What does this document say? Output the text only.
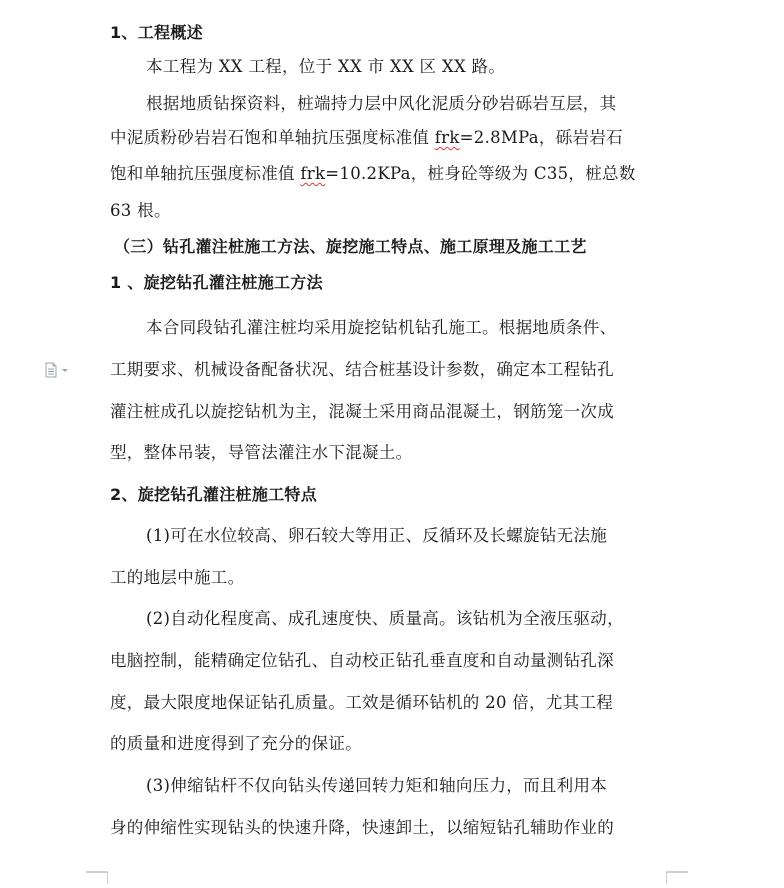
1、工程概述
本工程为 XX 工程，位于 XX 市 XX 区 XX 路。
根据地质钻探资料，桩端持力层中风化泥质分砂岩砾岩互层，其
中泥质粉砂岩岩石饱和单轴抗压强度标准值 frk=2.8MPa，砾岩岩石
饱和单轴抗压强度标准值 frk=10.2KPa，桩身砼等级为 C35，桩总数
63 根。
（三）钻孔灌注桩施工方法、旋挖施工特点、施工原理及施工工艺
1 、旋挖钻孔灌注桩施工方法
本合同段钻孔灌注桩均采用旋挖钻机钻孔施工。根据地质条件、
工期要求、机械设备配备状况、结合桩基设计参数，确定本工程钻孔
灌注桩成孔以旋挖钻机为主，混凝土采用商品混凝土，钢筋笼一次成
型，整体吊装，导管法灌注水下混凝土。
2、旋挖钻孔灌注桩施工特点
(1)可在水位较高、卵石较大等用正、反循环及长螺旋钻无法施
工的地层中施工。
(2)自动化程度高、成孔速度快、质量高。该钻机为全液压驱动，
电脑控制，能精确定位钻孔、自动校正钻孔垂直度和自动量测钻孔深
度，最大限度地保证钻孔质量。工效是循环钻机的 20 倍，尤其工程
的质量和进度得到了充分的保证。
(3)伸缩钻杆不仅向钻头传递回转力矩和轴向压力，而且利用本
身的伸缩性实现钻头的快速升降，快速卸土，以缩短钻孔辅助作业的
